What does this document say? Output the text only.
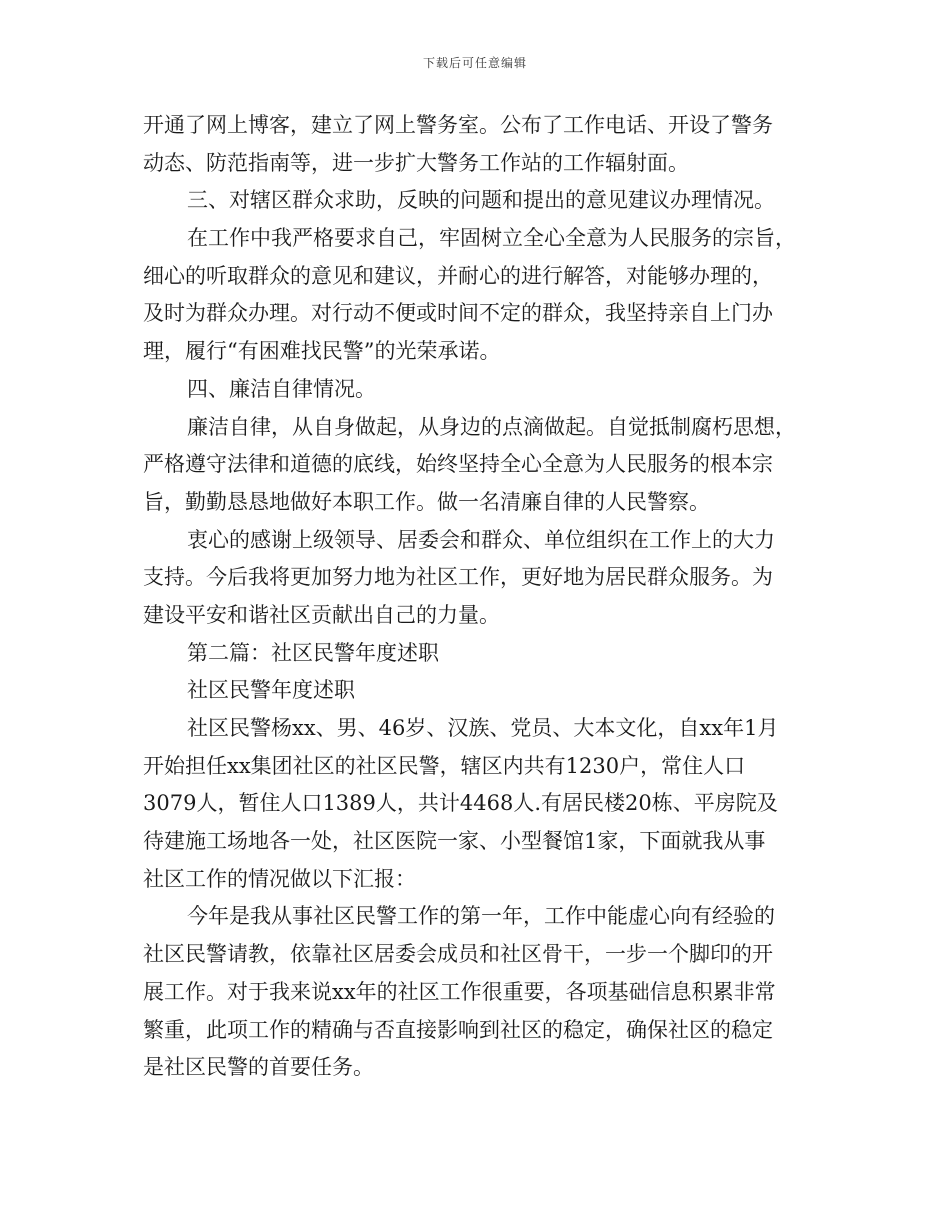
下载后可任意编辑
开通了网上博客，建立了网上警务室。公布了工作电话、开设了警务
动态、防范指南等，进一步扩大警务工作站的工作辐射面。
三、对辖区群众求助，反映的问题和提出的意见建议办理情况。
在工作中我严格要求自己，牢固树立全心全意为人民服务的宗旨，
细心的听取群众的意见和建议，并耐心的进行解答，对能够办理的，
及时为群众办理。对行动不便或时间不定的群众，我坚持亲自上门办
理，履行“有困难找民警”的光荣承诺。
四、廉洁自律情况。
廉洁自律，从自身做起，从身边的点滴做起。自觉抵制腐朽思想，
严格遵守法律和道德的底线，始终坚持全心全意为人民服务的根本宗
旨，勤勤恳恳地做好本职工作。做一名清廉自律的人民警察。
衷心的感谢上级领导、居委会和群众、单位组织在工作上的大力
支持。今后我将更加努力地为社区工作，更好地为居民群众服务。为
建设平安和谐社区贡献出自己的力量。
第二篇：社区民警年度述职
社区民警年度述职
社区民警杨xx、男、46岁、汉族、党员、大本文化，自xx年1月
开始担任xx集团社区的社区民警，辖区内共有1230户，常住人口
3079人，暂住人口1389人，共计4468人.有居民楼20栋、平房院及
待建施工场地各一处，社区医院一家、小型餐馆1家，下面就我从事
社区工作的情况做以下汇报：
今年是我从事社区民警工作的第一年，工作中能虚心向有经验的
社区民警请教，依靠社区居委会成员和社区骨干，一步一个脚印的开
展工作。对于我来说xx年的社区工作很重要，各项基础信息积累非常
繁重，此项工作的精确与否直接影响到社区的稳定，确保社区的稳定
是社区民警的首要任务。
